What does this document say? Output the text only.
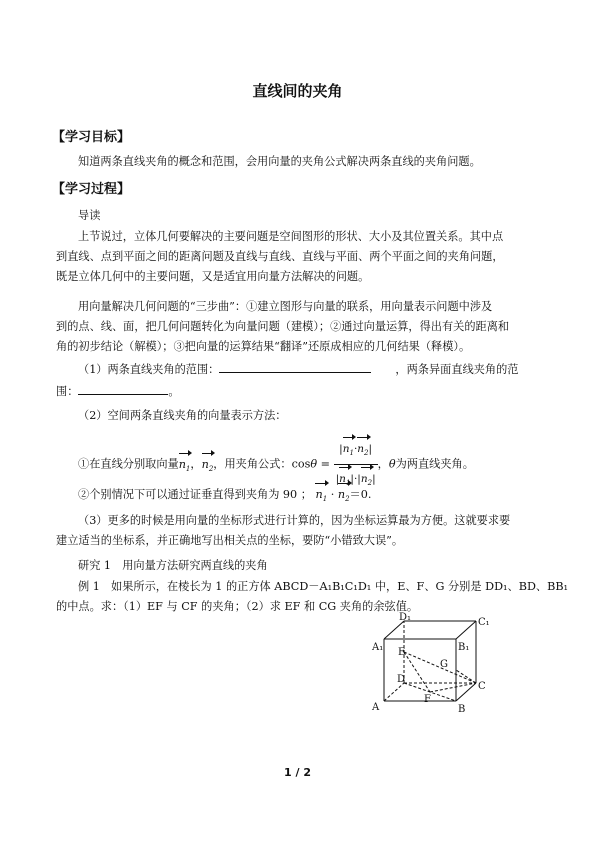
直线间的夹角
【学习目标】
知道两条直线夹角的概念和范围，会用向量的夹角公式解决两条直线的夹角问题。
【学习过程】
导读
上节说过，立体几何要解决的主要问题是空间图形的形状、大小及其位置关系。其中点
到直线、点到平面之间的距离问题及直线与直线、直线与平面、两个平面之间的夹角问题，
既是立体几何中的主要问题，又是适宜用向量方法解决的问题。
用向量解决几何问题的“三步曲”：①建立图形与向量的联系，用向量表示问题中涉及
到的点、线、面，把几何问题转化为向量问题（建模）；②通过向量运算，得出有关的距离和
角的初步结论（解模）；③把向量的运算结果“翻译”还原成相应的几何结果（释模）。
（1）两条直线夹角的范围：	，两条异面直线夹角的范
围：	。
（2）空间两条直线夹角的向量表示方法：
①在直线分别取向量$n_1$，$n_2$，用夹角公式：$\cos\theta = \frac{|n_1\cdot n_2|}{|n_1|\cdot|n_2|}$ ，θ为两直线夹角。
②个别情况下可以通过证垂直得到夹角为 90 ； $n_1 \cdot n_2=0$.
（3）更多的时候是用向量的坐标形式进行计算的，因为坐标运算最为方便。这就要求要
建立适当的坐标系，并正确地写出相关点的坐标，要防“小错致大误”。
研究 1　用向量方法研究两直线的夹角
例 1　如果所示，在棱长为 1 的正方体 ABCD－A₁B₁C₁D₁ 中，E、F、G 分别是 DD₁、BD、BB₁
的中点。求：（1）EF 与 CF 的夹角；（2）求 EF 和 CG 夹角的余弦值。
A	B
C
D
A₁	B₁
C₁
D₁
E
F
G
1 / 2
